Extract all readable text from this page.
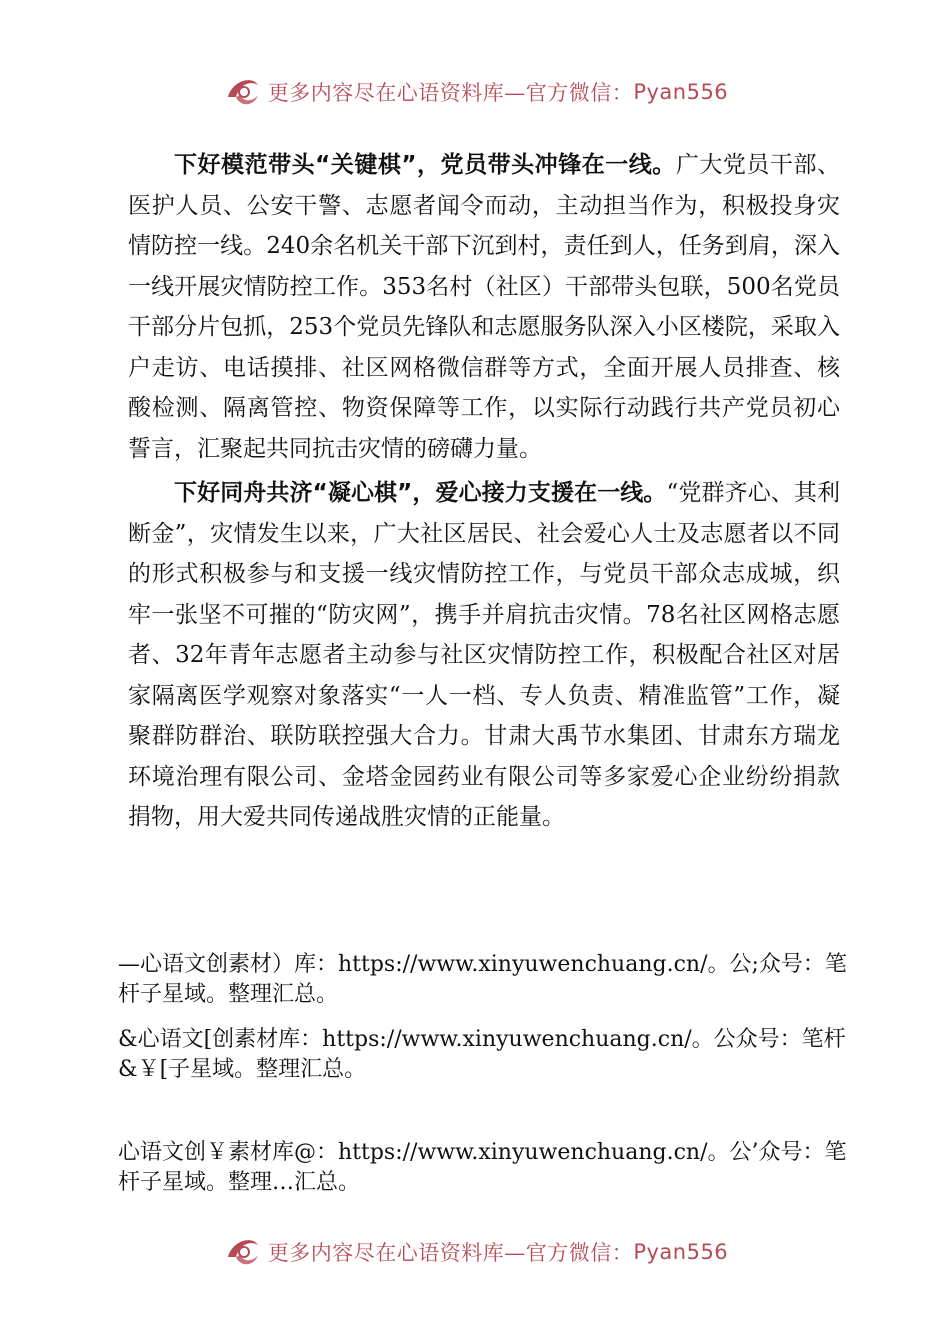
更多内容尽在心语资料库—官方微信： Pyan556

下好模范带头“关键棋”，党员带头冲锋在一线。广大党员干部、医护人员、公安干警、志愿者闻令而动，主动担当作为，积极投身灾情防控一线。240余名机关干部下沉到村，责任到人，任务到肩，深入一线开展灾情防控工作。353名村（社区）干部带头包联，500名党员干部分片包抓，253个党员先锋队和志愿服务队深入小区楼院，采取入户走访、电话摸排、社区网格微信群等方式，全面开展人员排查、核酸检测、隔离管控、物资保障等工作，以实际行动践行共产党员初心誓言，汇聚起共同抗击灾情的磅礴力量。

下好同舟共济“凝心棋”，爱心接力支援在一线。“党群齐心、其利断金”，灾情发生以来，广大社区居民、社会爱心人士及志愿者以不同的形式积极参与和支援一线灾情防控工作，与党员干部众志成城，织牢一张坚不可摧的“防灾网”，携手并肩抗击灾情。78名社区网格志愿者、32年青年志愿者主动参与社区灾情防控工作，积极配合社区对居家隔离医学观察对象落实“一人一档、专人负责、精准监管”工作，凝聚群防群治、联防联控强大合力。甘肃大禹节水集团、甘肃东方瑞龙环境治理有限公司、金塔金园药业有限公司等多家爱心企业纷纷捐款捐物，用大爱共同传递战胜灾情的正能量。

—心语文创素材）库：https://www.xinyuwenchuang.cn/。公;众号：笔杆子星域。整理汇总。

&心语文[创素材库：https://www.xinyuwenchuang.cn/。公众号：笔杆&￥[子星域。整理汇总。

心语文创￥素材库@：https://www.xinyuwenchuang.cn/。公’众号：笔杆子星域。整理…汇总。

更多内容尽在心语资料库—官方微信： Pyan556
